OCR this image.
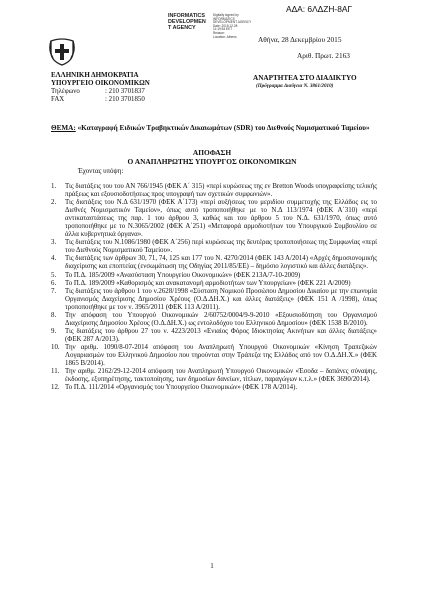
ΑΔΑ: 6ΛΔΖΗ-8ΑΓ
INFORMATICS
DEVELOPMEN
T AGENCY
Digitally signed by
INFORMATICS
DEVELOPMENT AGENCY
Date: 2015.12.28
11:19:54 EET
Reason:
Location: Athens	Αθήνα, 28 Δεκεμβρίου 2015
Αριθ. Πρωτ. 2163
ΕΛΛΗΝΙΚΗ ΔΗΜΟΚΡΑΤΙΑ
ΥΠΟΥΡΓΕΙΟ ΟΙΚΟΝΟΜΙΚΩΝ
Τηλέφωνο	: 210 3701837
FAX	: 210 3701850
ΑΝΑΡΤΗΤΕΑ ΣΤΟ ΔΙΑΔΙΚΤΥΟ
(Πρόγραμμα Διαύγεια Ν. 3861/2010)
ΘΕΜΑ: «Καταγραφή Ειδικών Τραβηκτικών Δικαιωμάτων (SDR) του Διεθνούς Νομισματικού Ταμείου»
ΑΠΟΦΑΣΗ
Ο ΑΝΑΠΛΗΡΩΤΗΣ ΥΠΟΥΡΓΟΣ ΟΙΚΟΝΟΜΙΚΩΝ
Έχοντας υπόψη:
1. Τις διατάξεις του του ΑΝ 766/1945 (ΦΕΚ Α΄ 315) «περί κυρώσεως της εν Bretton Woods υπογραφείσης τελικής πράξεως και εξουσιοδοτήσεως προς υπογραφή των σχετικών συμφωνιών».
2. Τις διατάξεις του Ν.Δ 631/1970 (ΦΕΚ Α΄173) «περί αυξήσεως του μεριδίου συμμετοχής της Ελλάδος εις το Διεθνές Νομισματικόν Ταμείον», όπως αυτό τροποποιήθηκε με το Ν.Δ 113/1974 (ΦΕΚ Α΄310) «περί αντικαταστάσεως της παρ. 1 του άρθρου 3, καθώς και του άρθρου 5 του Ν.Δ. 631/1970, όπως αυτό τροποποιήθηκε με το Ν.3065/2002 (ΦΕΚ Α΄251) «Μεταφορά αρμοδιοτήτων του Υπουργικού Συμβουλίου σε άλλα κυβερνητικά όργανα».
3. Τις διατάξεις του Ν.1086/1980 (ΦΕΚ Α΄256) περί κυρώσεως της δευτέρας τροποποιήσεως της Συμφωνίας «περί του Διεθνούς Νομισματικού Ταμείου».
4. Τις διατάξεις των άρθρων 30, 71, 74, 125 και 177 του Ν. 4270/2014 (ΦΕΚ 143 Α/2014) «Αρχές δημοσιονομικής διαχείρισης και εποπτείας (ενσωμάτωση της Οδηγίας 2011/85/ΕΕ) – δημόσιο λογιστικό και άλλες διατάξεις».
5. Το Π.Δ. 185/2009 «Ανασύσταση Υπουργείου Οικονομικών» (ΦΕΚ 213Α/7-10-2009)
6. Το Π.Δ. 189/2009 «Καθορισμός και ανακατανομή αρμοδιοτήτων των Υπουργείων» (ΦΕΚ 221 Α/2009)
7. Τις διατάξεις του άρθρου 1 του ν.2628/1998 «Σύσταση Νομικού Προσώπου Δημοσίου Δικαίου με την επωνυμία Οργανισμός Διαχείρισης Δημοσίου Χρέους (Ο.Δ.ΔΗ.Χ.) και άλλες διατάξεις» (ΦΕΚ 151 Α /1998), όπως τροποποιήθηκε με τον ν. 3965/2011 (ΦΕΚ 113 Α/2011).
8. Την απόφαση του Υπουργού Οικονομικών 2/60752/0004/9-9-2010 «Εξουσιοδότηση του Οργανισμού Διαχείρισης Δημοσίου Χρέους (Ο.Δ.ΔΗ.Χ.) ως εντολοδόχου του Ελληνικού Δημοσίου» (ΦΕΚ 1538 Β/2010).
9. Τις διατάξεις του άρθρου 27 του ν. 4223/2013 «Ενιαίος Φόρος Ιδιοκτησίας Ακινήτων και άλλες διατάξεις» (ΦΕΚ 287 Α/2013).
10. Την αριθμ. 1090/8-07-2014 απόφαση του Αναπληρωτή Υπουργού Οικονομικών «Κίνηση Τραπεζικών Λογαριασμών του Ελληνικού Δημοσίου που τηρούνται στην Τράπεζα της Ελλάδος από τον Ο.Δ.ΔΗ.Χ.» (ΦΕΚ 1865 Β/2014).
11. Την αριθμ. 2162/29-12-2014 απόφαση του Αναπληρωτή Υπουργού Οικονομικών «Έσοδα – δαπάνες σύναψης, έκδοσης, εξυπηρέτησης, τακτοποίησης, των δημοσίων δανείων, τίτλων, παραγώγων κ.τ.λ.» (ΦΕΚ 3690/2014).
12. Το Π.Δ. 111/2014 «Οργανισμός του Υπουργείου Οικονομικών» (ΦΕΚ 178 Α/2014).
1
